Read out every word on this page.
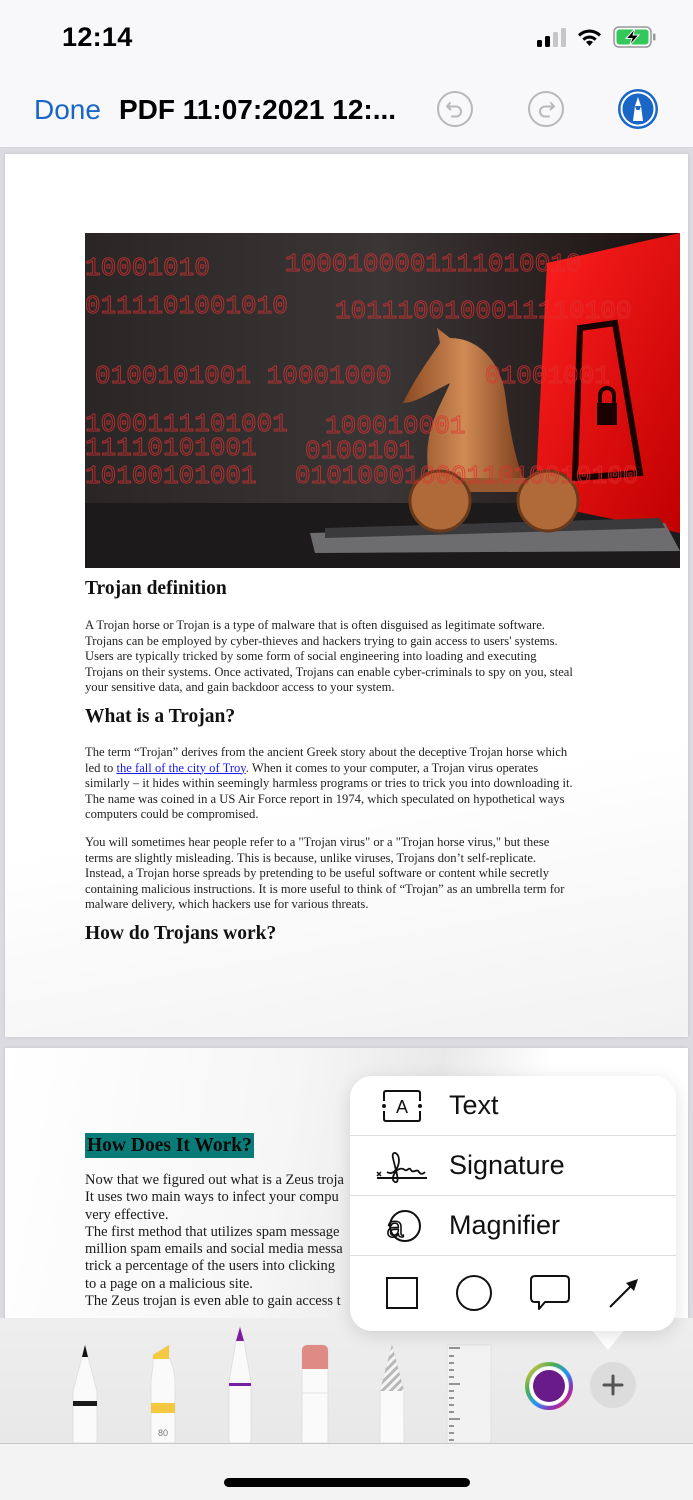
12:14
Done PDF 11:07:2021 12:...
10001010	1000100001111010010
0111101001010 1011100100011110100
0100101001 10001000	01001001
1000111101001 100010001
11110101001 0100101
10100101001 0101000100011010010100
Trojan definition
A Trojan horse or Trojan is a type of malware that is often disguised as legitimate software.
Trojans can be employed by cyber-thieves and hackers trying to gain access to users' systems.
Users are typically tricked by some form of social engineering into loading and executing
Trojans on their systems. Once activated, Trojans can enable cyber-criminals to spy on you, steal
your sensitive data, and gain backdoor access to your system.
What is a Trojan?
The term “Trojan” derives from the ancient Greek story about the deceptive Trojan horse which
led to the fall of the city of Troy. When it comes to your computer, a Trojan virus operates
similarly – it hides within seemingly harmless programs or tries to trick you into downloading it.
The name was coined in a US Air Force report in 1974, which speculated on hypothetical ways
computers could be compromised.
You will sometimes hear people refer to a "Trojan virus" or a "Trojan horse virus," but these
terms are slightly misleading. This is because, unlike viruses, Trojans don’t self-replicate.
Instead, a Trojan horse spreads by pretending to be useful software or content while secretly
containing malicious instructions. It is more useful to think of “Trojan” as an umbrella term for
malware delivery, which hackers use for various threats.
How do Trojans work?
How Does It Work?
Now that we figured out what is a Zeus troja
It uses two main ways to infect your compu
very effective.
The first method that utilizes spam message
million spam emails and social media messa
trick a percentage of the users into clicking
to a page on a malicious site.
The Zeus trojan is even able to gain access t
80
A Text
Signature
a Magnifier
